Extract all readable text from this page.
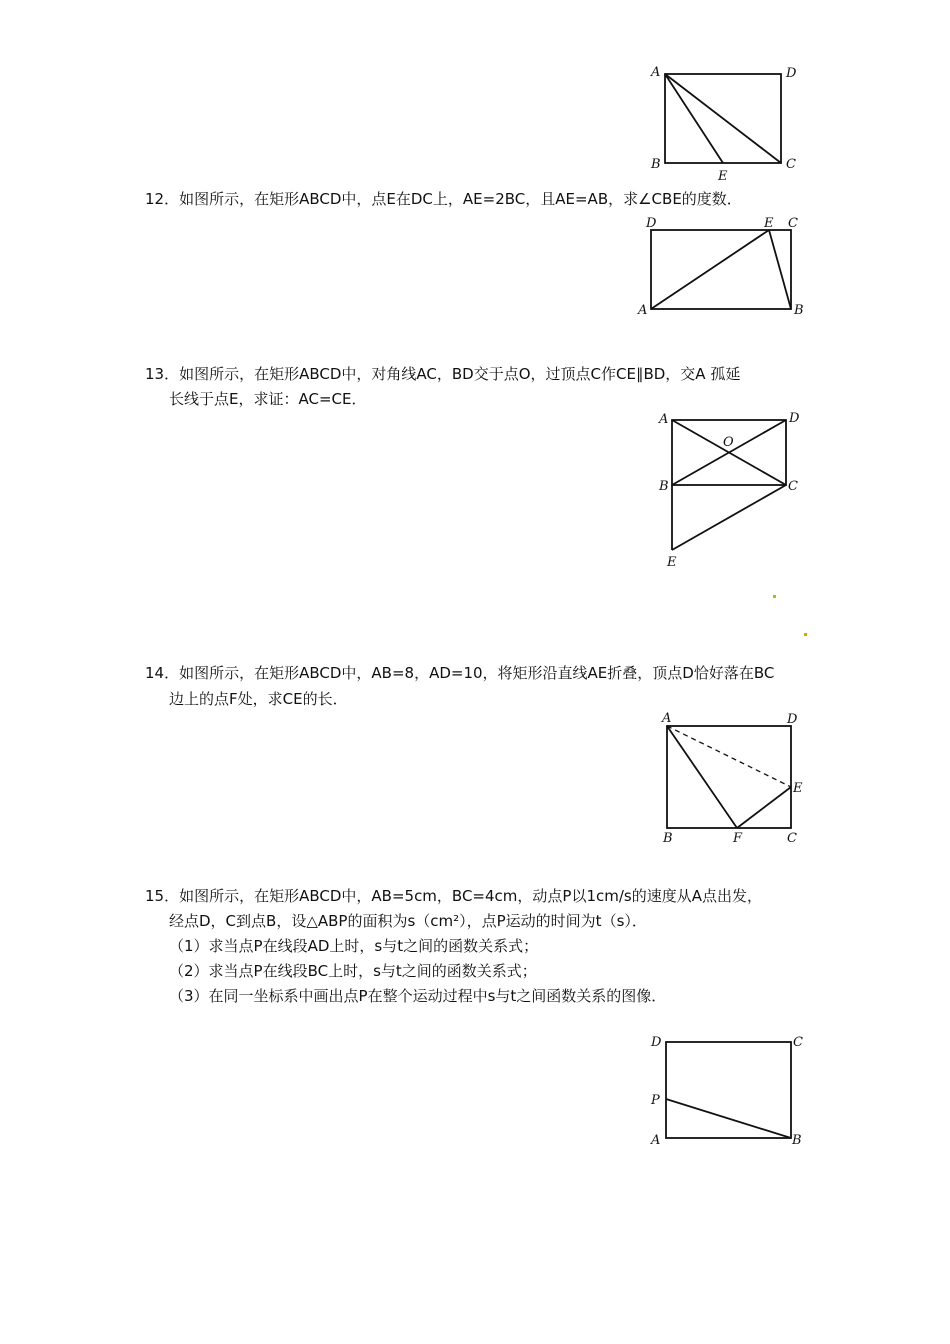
A	D
B	C
E
12．如图所示，在矩形ABCD中，点E在DC上，AE=2BC，且AE=AB，求∠CBE的度数．
D	E C
A	B
13．如图所示，在矩形ABCD中，对角线AC，BD交于点O，过顶点C作CE∥BD，交A 孤延
长线于点E，求证：AC=CE．
A	D
O
B	C
E
14．如图所示，在矩形ABCD中，AB=8，AD=10，将矩形沿直线AE折叠，顶点D恰好落在BC
边上的点F处，求CE的长．
A	D
E
B	F	C
15．如图所示，在矩形ABCD中，AB=5cm，BC=4cm，动点P以1cm/s的速度从A点出发，
经点D，C到点B，设△ABP的面积为s（cm²），点P运动的时间为t（s）．
（1）求当点P在线段AD上时，s与t之间的函数关系式；
（2）求当点P在线段BC上时，s与t之间的函数关系式；
（3）在同一坐标系中画出点P在整个运动过程中s与t之间函数关系的图像．
D	C
P
A	B
